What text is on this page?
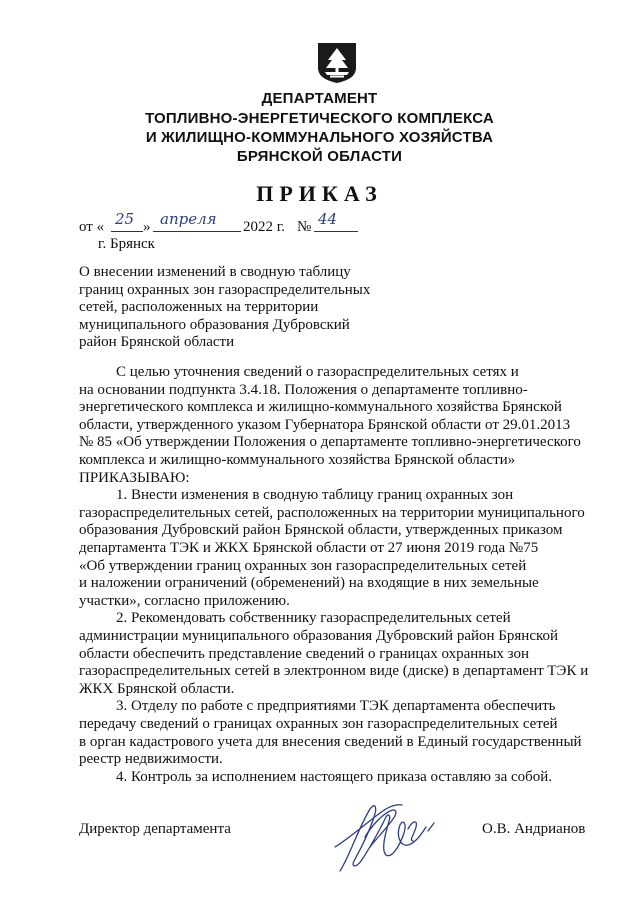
ДЕПАРТАМЕНТ
ТОПЛИВНО-ЭНЕРГЕТИЧЕСКОГО КОМПЛЕКСА
И ЖИЛИЩНО-КОММУНАЛЬНОГО ХОЗЯЙСТВА
БРЯНСКОЙ ОБЛАСТИ
ПРИКАЗ
от « 25 » апреля 2022 г. № 44
г. Брянск
О внесении изменений в сводную таблицу
границ охранных зон газораспределительных
сетей, расположенных на территории
муниципального образования Дубровский
район Брянской области
С целью уточнения сведений о газораспределительных сетях и
на основании подпункта 3.4.18. Положения о департаменте топливно-
энергетического комплекса и жилищно-коммунального хозяйства Брянской
области, утвержденного указом Губернатора Брянской области от 29.01.2013
№ 85 «Об утверждении Положения о департаменте топливно-энергетического
комплекса и жилищно-коммунального хозяйства Брянской области»
ПРИКАЗЫВАЮ:
1. Внести изменения в сводную таблицу границ охранных зон
газораспределительных сетей, расположенных на территории муниципального
образования Дубровский район Брянской области, утвержденных приказом
департамента ТЭК и ЖКХ Брянской области от 27 июня 2019 года №75
«Об утверждении границ охранных зон газораспределительных сетей
и наложении ограничений (обременений) на входящие в них земельные
участки», согласно приложению.
2. Рекомендовать собственнику газораспределительных сетей
администрации муниципального образования Дубровский район Брянской
области обеспечить представление сведений о границах охранных зон
газораспределительных сетей в электронном виде (диске) в департамент ТЭК и
ЖКХ Брянской области.
3. Отделу по работе с предприятиями ТЭК департамента обеспечить
передачу сведений о границах охранных зон газораспределительных сетей
в орган кадастрового учета для внесения сведений в Единый государственный
реестр недвижимости.
4. Контроль за исполнением настоящего приказа оставляю за собой.
Директор департамента	О.В. Андрианов
